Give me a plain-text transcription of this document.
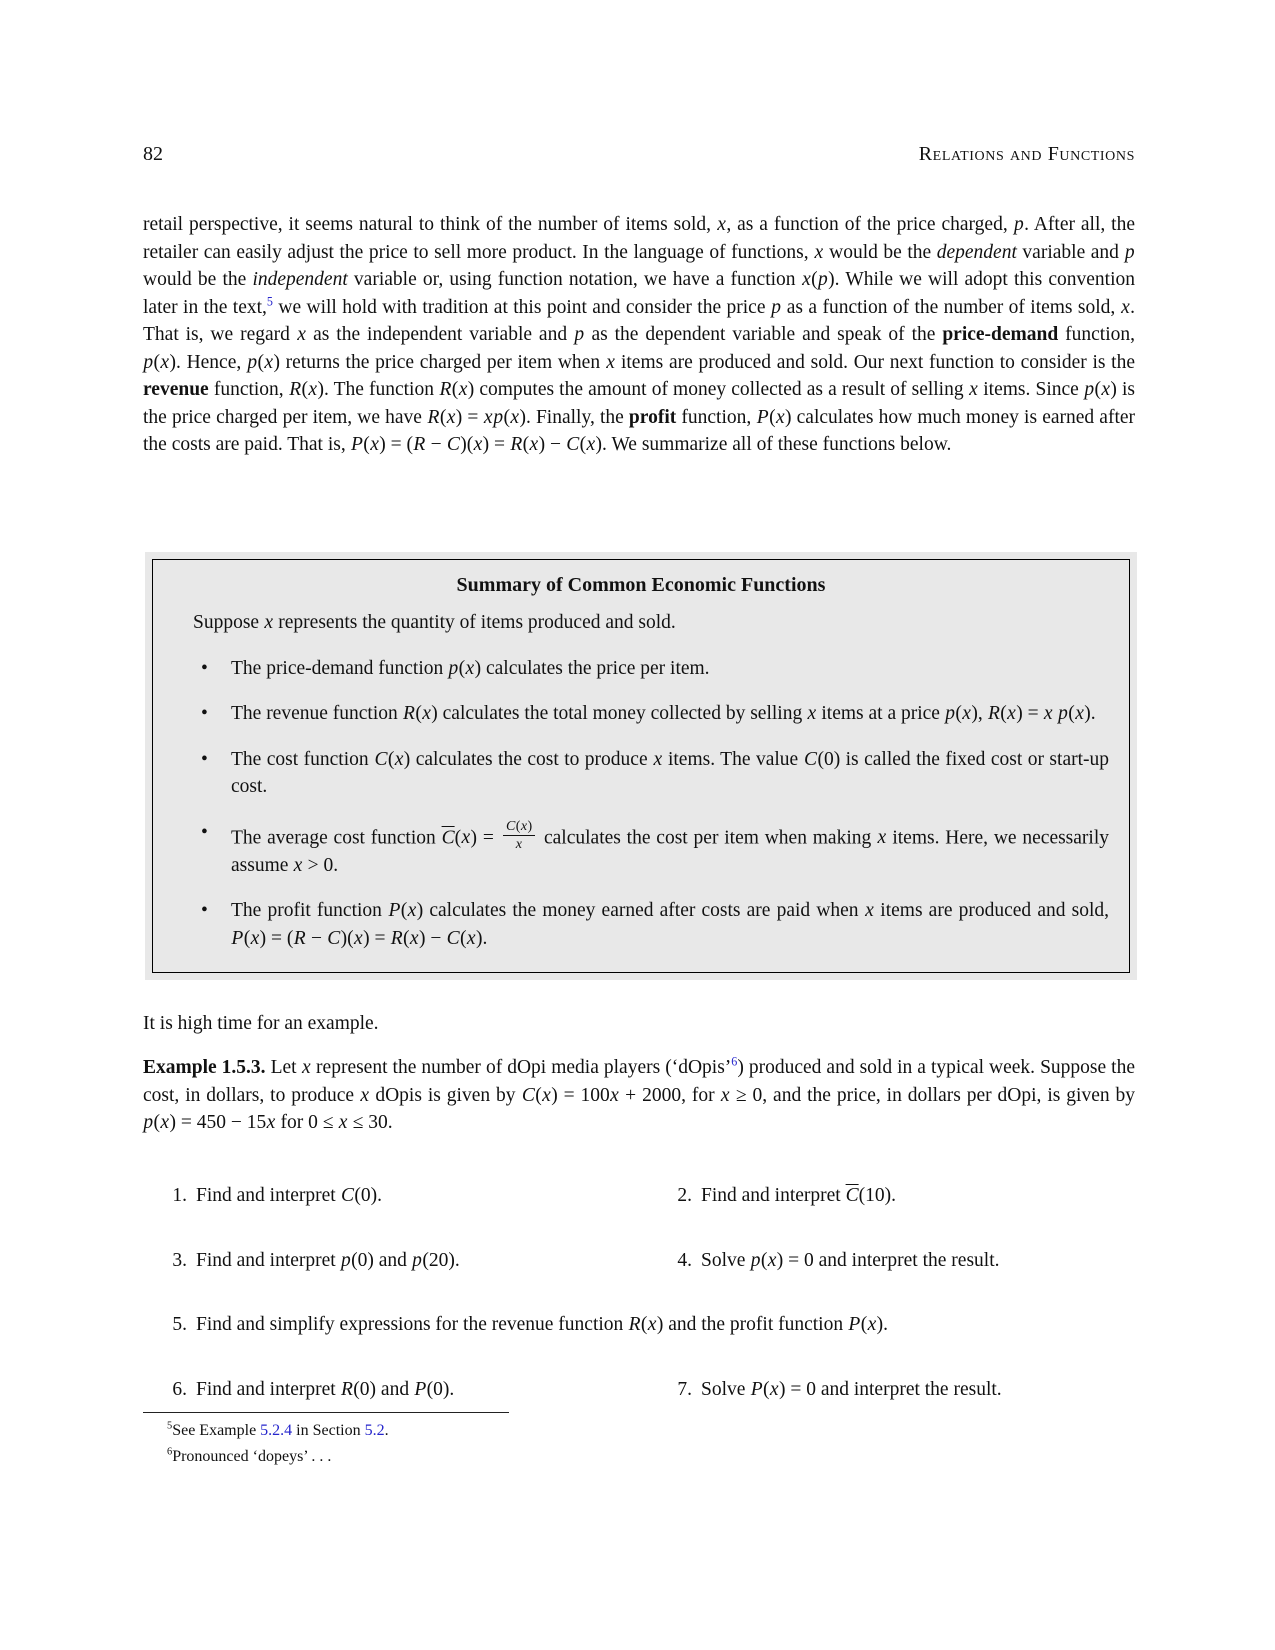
82	Relations and Functions
retail perspective, it seems natural to think of the number of items sold, x, as a function of the price charged, p. After all, the retailer can easily adjust the price to sell more product. In the language of functions, x would be the dependent variable and p would be the independent variable or, using function notation, we have a function x(p). While we will adopt this convention later in the text,$^5$ we will hold with tradition at this point and consider the price p as a function of the number of items sold, x. That is, we regard x as the independent variable and p as the dependent variable and speak of the price-demand function, p(x). Hence, p(x) returns the price charged per item when x items are produced and sold. Our next function to consider is the revenue function, R(x). The function R(x) computes the amount of money collected as a result of selling x items. Since p(x) is the price charged per item, we have R(x) = xp(x). Finally, the profit function, P(x) calculates how much money is earned after the costs are paid. That is, P(x) = (R − C)(x) = R(x) − C(x). We summarize all of these functions below.
Summary of Common Economic Functions
Suppose x represents the quantity of items produced and sold.
•	The price-demand function p(x) calculates the price per item.
•	The revenue function R(x) calculates the total money collected by selling x items at a price p(x), R(x) = x p(x).
•	The cost function C(x) calculates the cost to produce x items. The value C(0) is called the fixed cost or start-up cost.
•	The average cost function $\overline{C}(x) = \frac{C(x)}{x}$ calculates the cost per item when making x items. Here, we necessarily assume x > 0.
•	The profit function P(x) calculates the money earned after costs are paid when x items are produced and sold, P(x) = (R − C)(x) = R(x) − C(x).
It is high time for an example.
Example 1.5.3. Let x represent the number of dOpi media players (‘dOpis’$^6$) produced and sold in a typical week. Suppose the cost, in dollars, to produce x dOpis is given by C(x) = 100x + 2000, for x ≥ 0, and the price, in dollars per dOpi, is given by p(x) = 450 − 15x for 0 ≤ x ≤ 30.
1. Find and interpret C(0).	2. Find and interpret $\overline{C}(10)$.
3. Find and interpret p(0) and p(20).	4. Solve p(x) = 0 and interpret the result.
5. Find and simplify expressions for the revenue function R(x) and the profit function P(x).
6. Find and interpret R(0) and P(0).	7. Solve P(x) = 0 and interpret the result.
$^5$See Example 5.2.4 in Section 5.2.
$^6$Pronounced ‘dopeys’ . . .
